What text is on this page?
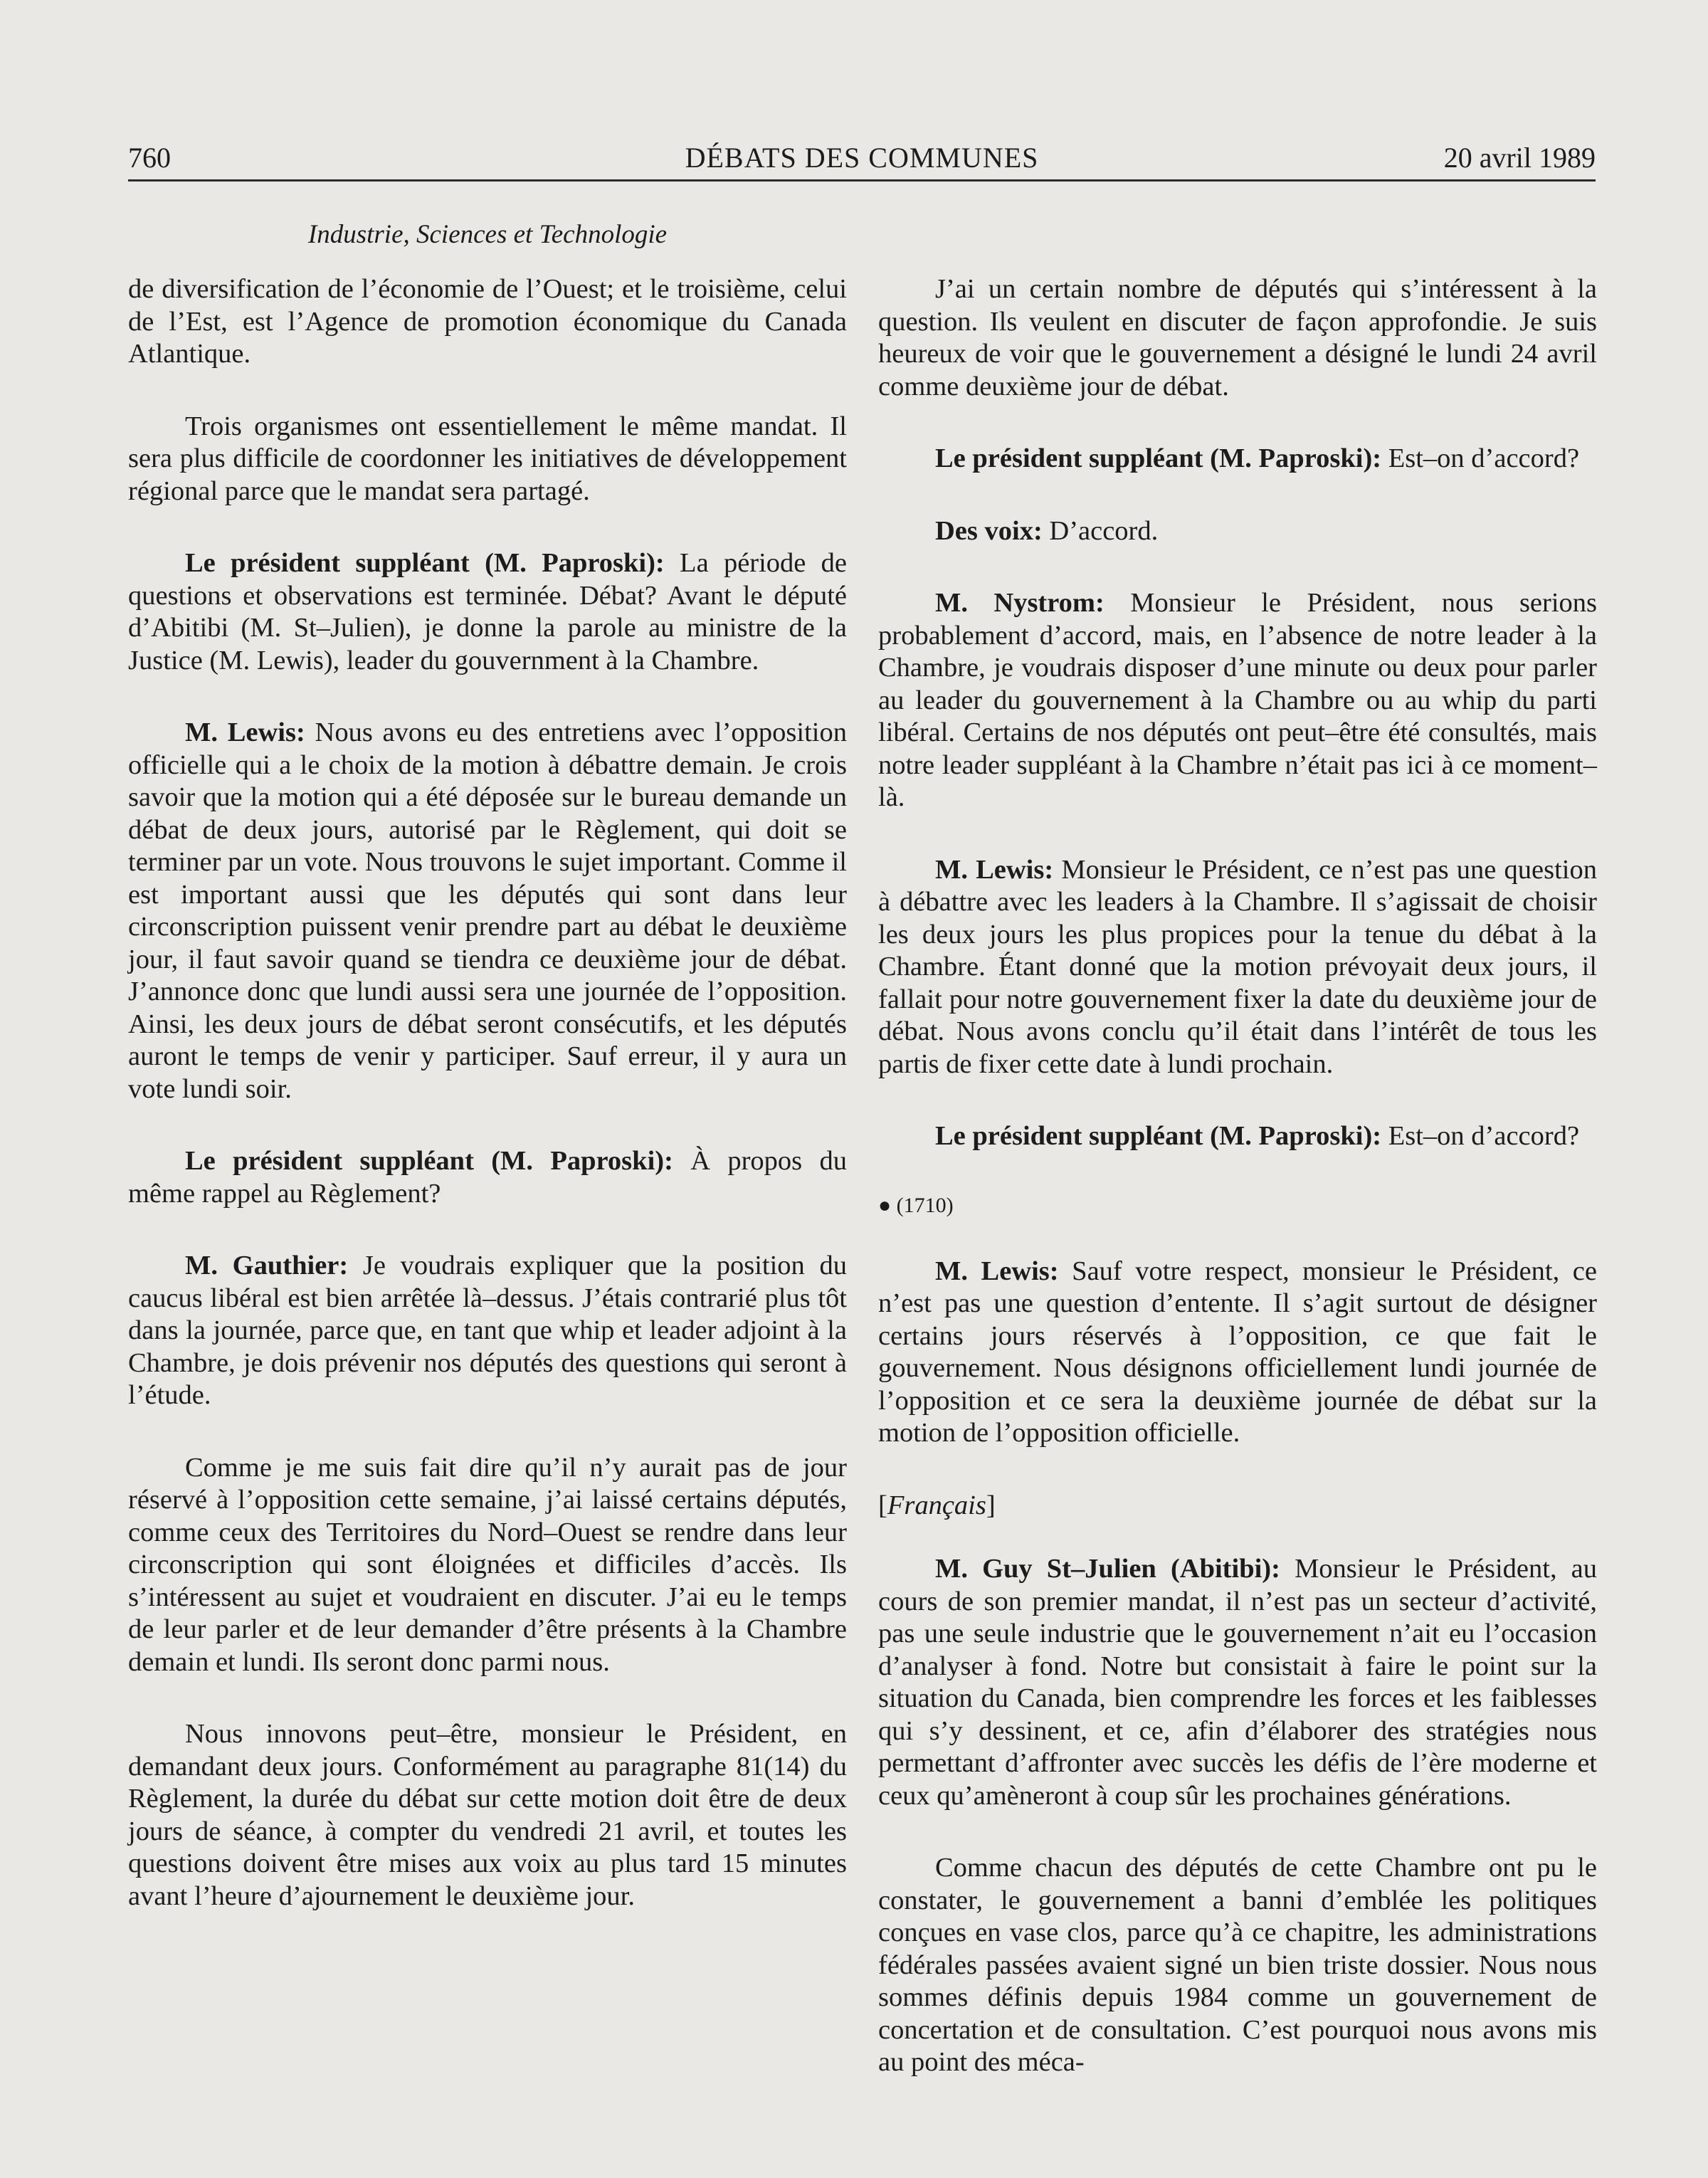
760	DÉBATS DES COMMUNES	20 avril 1989
Industrie, Sciences et Technologie

de diversification de l’économie de l’Ouest; et le troisième, celui de l’Est, est l’Agence de promotion économique du Canada Atlantique.

Trois organismes ont essentiellement le même mandat. Il sera plus difficile de coordonner les initiatives de développement régional parce que le mandat sera partagé.

Le président suppléant (M. Paproski): La période de questions et observations est terminée. Débat? Avant le député d’Abitibi (M. St–Julien), je donne la parole au ministre de la Justice (M. Lewis), leader du gouvernment à la Chambre.

M. Lewis: Nous avons eu des entretiens avec l’opposition officielle qui a le choix de la motion à débattre demain. Je crois savoir que la motion qui a été déposée sur le bureau demande un débat de deux jours, autorisé par le Règlement, qui doit se terminer par un vote. Nous trouvons le sujet important. Comme il est important aussi que les députés qui sont dans leur circonscription puissent venir prendre part au débat le deuxième jour, il faut savoir quand se tiendra ce deuxième jour de débat. J’annonce donc que lundi aussi sera une journée de l’opposition. Ainsi, les deux jours de débat seront consécutifs, et les députés auront le temps de venir y participer. Sauf erreur, il y aura un vote lundi soir.

Le président suppléant (M. Paproski): À propos du même rappel au Règlement?

M. Gauthier: Je voudrais expliquer que la position du caucus libéral est bien arrêtée là–dessus. J’étais contrarié plus tôt dans la journée, parce que, en tant que whip et leader adjoint à la Chambre, je dois prévenir nos députés des questions qui seront à l’étude.

Comme je me suis fait dire qu’il n’y aurait pas de jour réservé à l’opposition cette semaine, j’ai laissé certains députés, comme ceux des Territoires du Nord–Ouest se rendre dans leur circonscription qui sont éloignées et difficiles d’accès. Ils s’intéressent au sujet et voudraient en discuter. J’ai eu le temps de leur parler et de leur demander d’être présents à la Chambre demain et lundi. Ils seront donc parmi nous.

Nous innovons peut–être, monsieur le Président, en demandant deux jours. Conformément au paragraphe 81(14) du Règlement, la durée du débat sur cette motion doit être de deux jours de séance, à compter du vendredi 21 avril, et toutes les questions doivent être mises aux voix au plus tard 15 minutes avant l’heure d’ajournement le deuxième jour.

J’ai un certain nombre de députés qui s’intéressent à la question. Ils veulent en discuter de façon approfondie. Je suis heureux de voir que le gouvernement a désigné le lundi 24 avril comme deuxième jour de débat.

Le président suppléant (M. Paproski): Est–on d’accord?

Des voix: D’accord.

M. Nystrom: Monsieur le Président, nous serions probablement d’accord, mais, en l’absence de notre leader à la Chambre, je voudrais disposer d’une minute ou deux pour parler au leader du gouvernement à la Chambre ou au whip du parti libéral. Certains de nos députés ont peut–être été consultés, mais notre leader suppléant à la Chambre n’était pas ici à ce moment–là.

M. Lewis: Monsieur le Président, ce n’est pas une question à débattre avec les leaders à la Chambre. Il s’agissait de choisir les deux jours les plus propices pour la tenue du débat à la Chambre. Étant donné que la motion prévoyait deux jours, il fallait pour notre gouvernement fixer la date du deuxième jour de débat. Nous avons conclu qu’il était dans l’intérêt de tous les partis de fixer cette date à lundi prochain.

Le président suppléant (M. Paproski): Est–on d’accord?

● (1710)

M. Lewis: Sauf votre respect, monsieur le Président, ce n’est pas une question d’entente. Il s’agit surtout de désigner certains jours réservés à l’opposition, ce que fait le gouvernement. Nous désignons officiellement lundi journée de l’opposition et ce sera la deuxième journée de débat sur la motion de l’opposition officielle.

[Français]

M. Guy St–Julien (Abitibi): Monsieur le Président, au cours de son premier mandat, il n’est pas un secteur d’activité, pas une seule industrie que le gouvernement n’ait eu l’occasion d’analyser à fond. Notre but consistait à faire le point sur la situation du Canada, bien comprendre les forces et les faiblesses qui s’y dessinent, et ce, afin d’élaborer des stratégies nous permettant d’affronter avec succès les défis de l’ère moderne et ceux qu’amèneront à coup sûr les prochaines générations.

Comme chacun des députés de cette Chambre ont pu le constater, le gouvernement a banni d’emblée les politiques conçues en vase clos, parce qu’à ce chapitre, les administrations fédérales passées avaient signé un bien triste dossier. Nous nous sommes définis depuis 1984 comme un gouvernement de concertation et de consultation. C’est pourquoi nous avons mis au point des méca-
